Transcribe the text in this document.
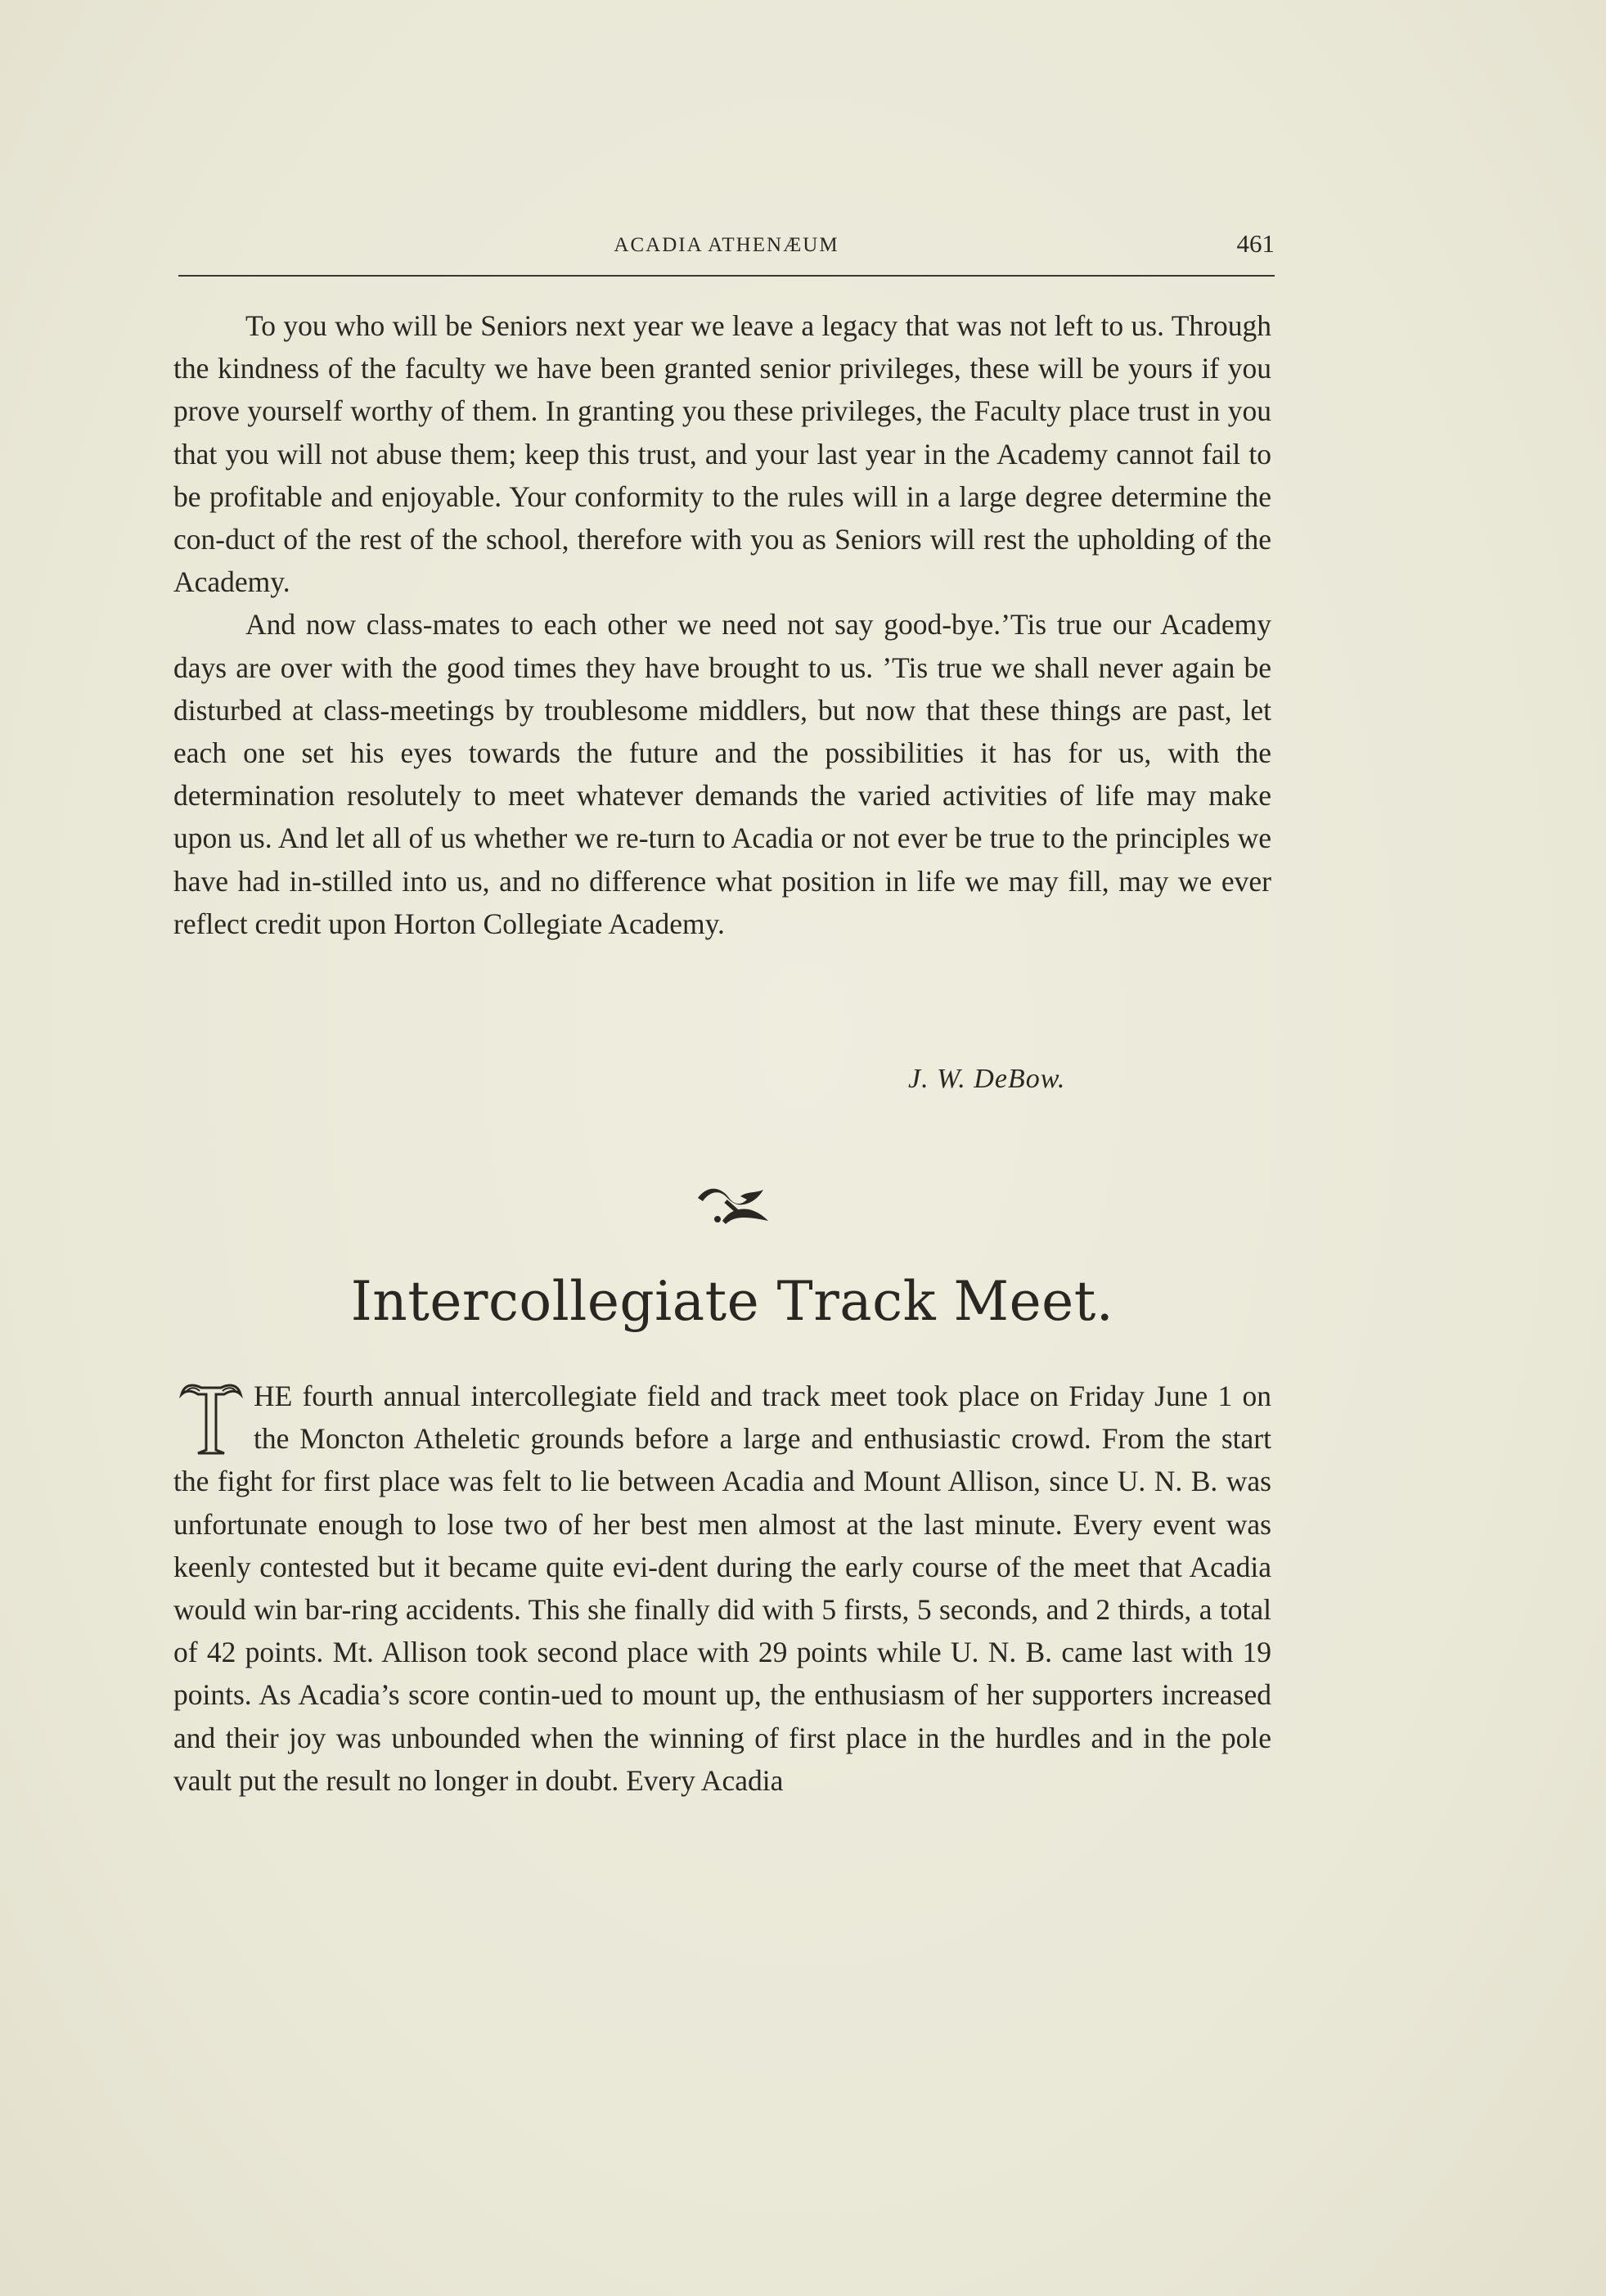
ACADIA ATHENÆUM	461

To you who will be Seniors next year we leave a legacy that was not left to us. Through the kindness of the faculty we have been granted senior privileges, these will be yours if you prove yourself worthy of them. In granting you these privileges, the Faculty place trust in you that you will not abuse them; keep this trust, and your last year in the Academy cannot fail to be profitable and enjoyable. Your conformity to the rules will in a large degree determine the con-duct of the rest of the school, therefore with you as Seniors will rest the upholding of the Academy.

And now class-mates to each other we need not say good-bye.’Tis true our Academy days are over with the good times they have brought to us. ’Tis true we shall never again be disturbed at class-meetings by troublesome middlers, but now that these things are past, let each one set his eyes towards the future and the possibilities it has for us, with the determination resolutely to meet whatever demands the varied activities of life may make upon us. And let all of us whether we re-turn to Acadia or not ever be true to the principles we have had in-stilled into us, and no difference what position in life we may fill, may we ever reflect credit upon Horton Collegiate Academy.

J. W. DeBow.
Intercollegiate Track Meet.

HE fourth annual intercollegiate field and track meet took place on Friday June 1 on the Moncton Atheletic grounds before a large and enthusiastic crowd. From the start the fight for first place was felt to lie between Acadia and Mount Allison, since U. N. B. was unfortunate enough to lose two of her best men almost at the last minute. Every event was keenly contested but it became quite evi-dent during the early course of the meet that Acadia would win bar-ring accidents. This she finally did with 5 firsts, 5 seconds, and 2 thirds, a total of 42 points. Mt. Allison took second place with 29 points while U. N. B. came last with 19 points. As Acadia’s score contin-ued to mount up, the enthusiasm of her supporters increased and their joy was unbounded when the winning of first place in the hurdles and in the pole vault put the result no longer in doubt. Every Acadia
